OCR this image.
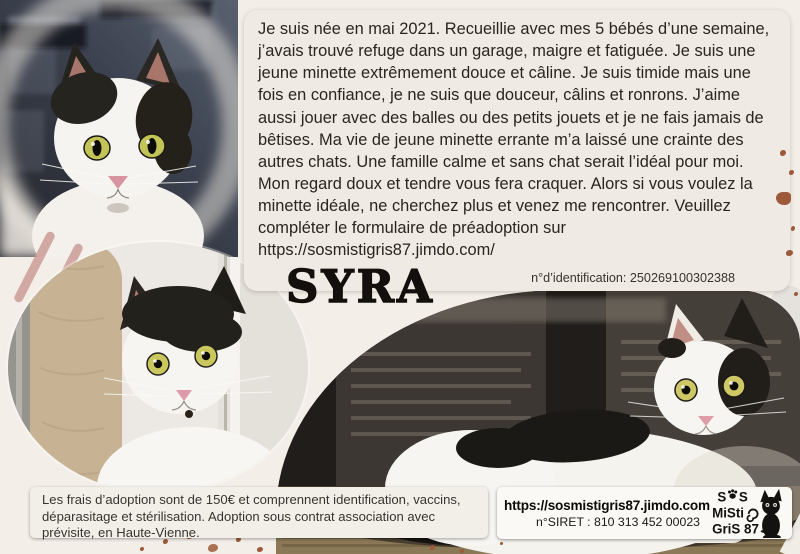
Je suis née en mai 2021. Recueillie avec mes 5 bébés d’une semaine, j’avais trouvé refuge dans un garage, maigre et fatiguée. Je suis une jeune minette extrêmement douce et câline. Je suis timide mais une fois en confiance, je ne suis que douceur, câlins et ronrons. J’aime aussi jouer avec des balles ou des petits jouets et je ne fais jamais de bêtises. Ma vie de jeune minette errante m’a laissé une crainte des autres chats. Une famille calme et sans chat serait l’idéal pour moi. Mon regard doux et tendre vous fera craquer. Alors si vous voulez la minette idéale, ne cherchez plus et venez me rencontrer. Veuillez compléter le formulaire de préadoption sur https://sosmistigris87.jimdo.com/

n°d’identification: 250269100302388
SYRA

Les frais d’adoption sont de 150€ et comprennent identification, vaccins, déparasitage et stérilisation. Adoption sous contrat association avec prévisite, en Haute-Vienne.

https://sosmistigris87.jimdo.com
n°SIRET : 810 313 452 00023
S S
MiSti
GriS 87
